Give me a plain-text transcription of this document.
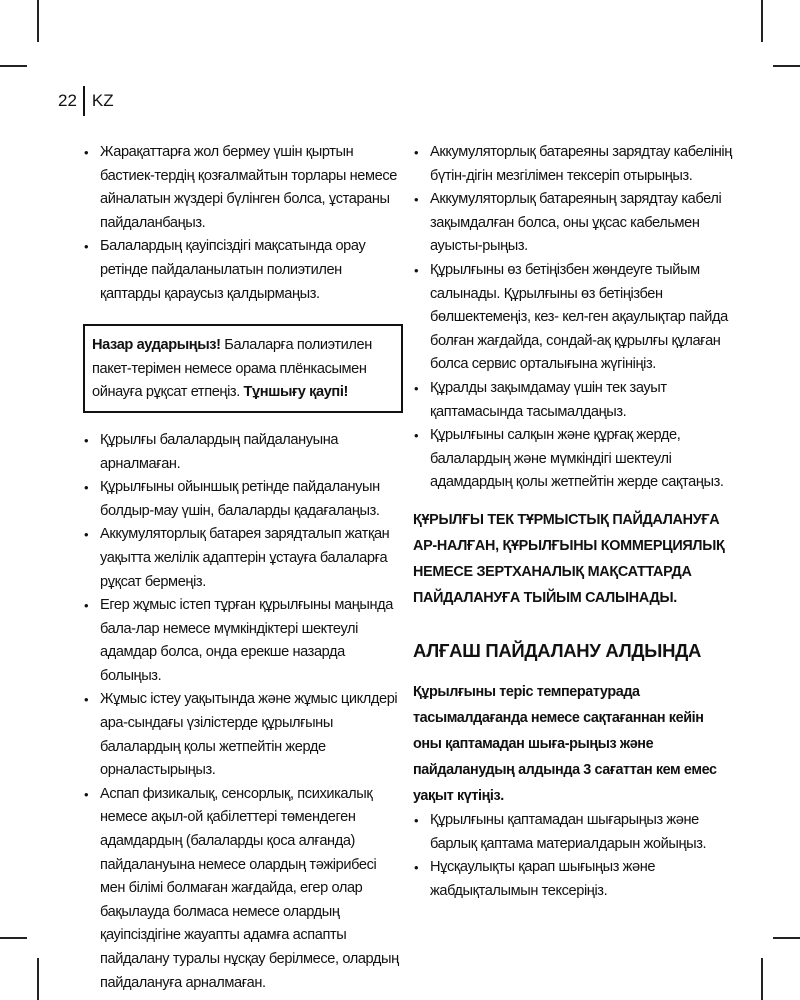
22 KZ
• Жарақаттарға жол бермеу үшін қыртын бастиек-тердің қозғалмайтын торлары немесе айналатын жүздері бүлінген болса, ұстараны пайдаланбаңыз.
• Балалардың қауіпсіздігі мақсатында орау ретінде пайдаланылатын полиэтилен қаптарды қараусыз қалдырмаңыз.
Назар аударыңыз! Балаларға полиэтилен пакет-терімен немесе орама плёнкасымен ойнауға рұқсат етпеңіз. Тұншығу қаупі!
• Құрылғы балалардың пайдалануына арналмаған.
• Құрылғыны ойыншық ретінде пайдалануын болдыр-мау үшін, балаларды қадағалаңыз.
• Аккумуляторлық батарея зарядталып жатқан уақытта желілік адаптерін ұстауға балаларға рұқсат бермеңіз.
• Егер жұмыс істеп тұрған құрылғыны маңында бала-лар немесе мүмкіндіктері шектеулі адамдар болса, онда ерекше назарда болыңыз.
• Жұмыс істеу уақытында және жұмыс циклдері ара-сындағы үзілістерде құрылғыны балалардың қолы жетпейтін жерде орналастырыңыз.
• Аспап физикалық, сенсорлық, психикалық немесе ақыл-ой қабілеттері төмендеген адамдардың (балаларды қоса алғанда) пайдалануына немесе олардың тәжірибесі мен білімі болмаған жағдайда, егер олар бақылауда болмаса немесе олардың қауіпсіздігіне жауапты адамға аспапты пайдалану туралы нұсқау берілмесе, олардың пайдалануға арналмаған.
• Аккумуляторлық батареяны зарядтау кабелінің бүтін-дігін мезгілімен тексеріп отырыңыз.
• Аккумуляторлық батареяның зарядтау кабелі зақымдалған болса, оны ұқсас кабельмен ауысты-рыңыз.
• Құрылғыны өз бетіңізбен жөндеуге тыйым салынады. Құрылғыны өз бетіңізбен бөлшектемеңіз, кез- кел-ген ақаулықтар пайда болған жағдайда, сондай-ақ құрылғы құлаған болса сервис орталығына жүгініңіз.
• Құралды зақымдамау үшін тек зауыт қаптамасында тасымалдаңыз.
• Құрылғыны салқын және құрғақ жерде, балалардың және мүмкіндігі шектеулі адамдардың қолы жетпейтін жерде сақтаңыз.
ҚҰРЫЛҒЫ ТЕК ТҰРМЫСТЫҚ ПАЙДАЛАНУҒА АР-НАЛҒАН, ҚҰРЫЛҒЫНЫ КОММЕРЦИЯЛЫҚ НЕМЕСЕ ЗЕРТХАНАЛЫҚ МАҚСАТТАРДА ПАЙДАЛАНУҒА ТЫЙЫМ САЛЫНАДЫ.
АЛҒАШ ПАЙДАЛАНУ АЛДЫНДА
Құрылғыны теріс температурада тасымалдағанда немесе сақтағаннан кейін оны қаптамадан шыға-рыңыз және пайдаланудың алдында 3 сағаттан кем емес уақыт күтіңіз.
• Құрылғыны қаптамадан шығарыңыз және барлық қаптама материалдарын жойыңыз.
• Нұсқаулықты қарап шығыңыз және жабдықталымын тексеріңіз.
